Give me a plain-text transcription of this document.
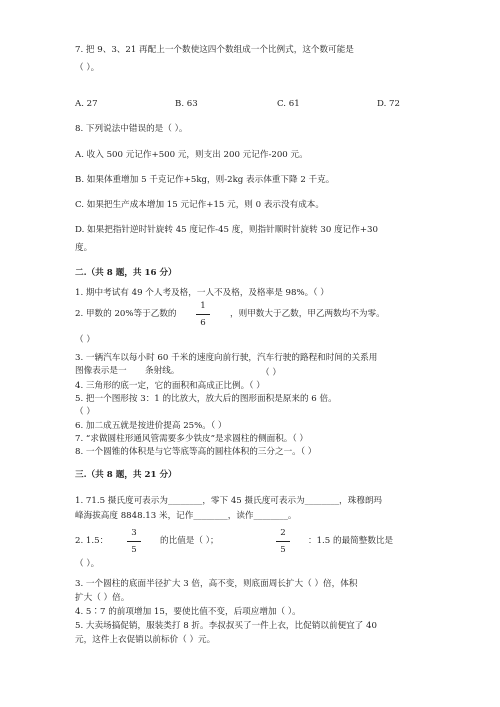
7. 把 9、3、21 再配上一个数使这四个数组成一个比例式，这个数可能是
（ ）。
A. 27	B. 63	C. 61	D. 72
8. 下列说法中错误的是（ ）。
A. 收入 500 元记作+500 元，则支出 200 元记作-200 元。
B. 如果体重增加 5 千克记作+5kg，则-2kg 表示体重下降 2 千克。
C. 如果把生产成本增加 15 元记作+15 元，则 0 表示没有成本。
D. 如果把指针逆时针旋转 45 度记作-45 度，则指针顺时针旋转 30 度记作+30
度。
二.（共 8 题，共 16 分）
1. 期中考试有 49 个人考及格，一人不及格，及格率是 98%。（ ）
2. 甲数的 20%等于乙数的
1
6
，则甲数大于乙数，甲乙两数均不为零。
（ ）
3. 一辆汽车以每小时 60 千米的速度向前行驶，汽车行驶的路程和时间的关系用
图像表示是一 条射线。	（ ）
4. 三角形的底一定，它的面积和高成正比例。（ ）
5. 把一个图形按 3：1 的比放大，放大后的图形面积是原来的 6 倍。
（ ）
6. 加二成五就是按进价提高 25%。（ ）
7. “求做圆柱形通风管需要多少铁皮”是求圆柱的侧面积。（ ）
8. 一个圆锥的体积是与它等底等高的圆柱体积的三分之一。（ ）
三.（共 8 题，共 21 分）
1. 71.5 摄氏度可表示为________，零下 45 摄氏度可表示为________，珠穆朗玛
峰海拔高度 8848.13 米，记作________，读作________。
2. 1.5：
3
5
的比值是（ ）；
2
5
：1.5 的最简整数比是
（ ）。
3. 一个圆柱的底面半径扩大 3 倍，高不变，则底面周长扩大（ ）倍，体积
扩大（ ）倍。
4. 5∶7 的前项增加 15，要使比值不变，后项应增加（ ）。
5. 大卖场搞促销，服装类打 8 折。李叔叔买了一件上衣，比促销以前便宜了 40
元，这件上衣促销以前标价（ ）元。
